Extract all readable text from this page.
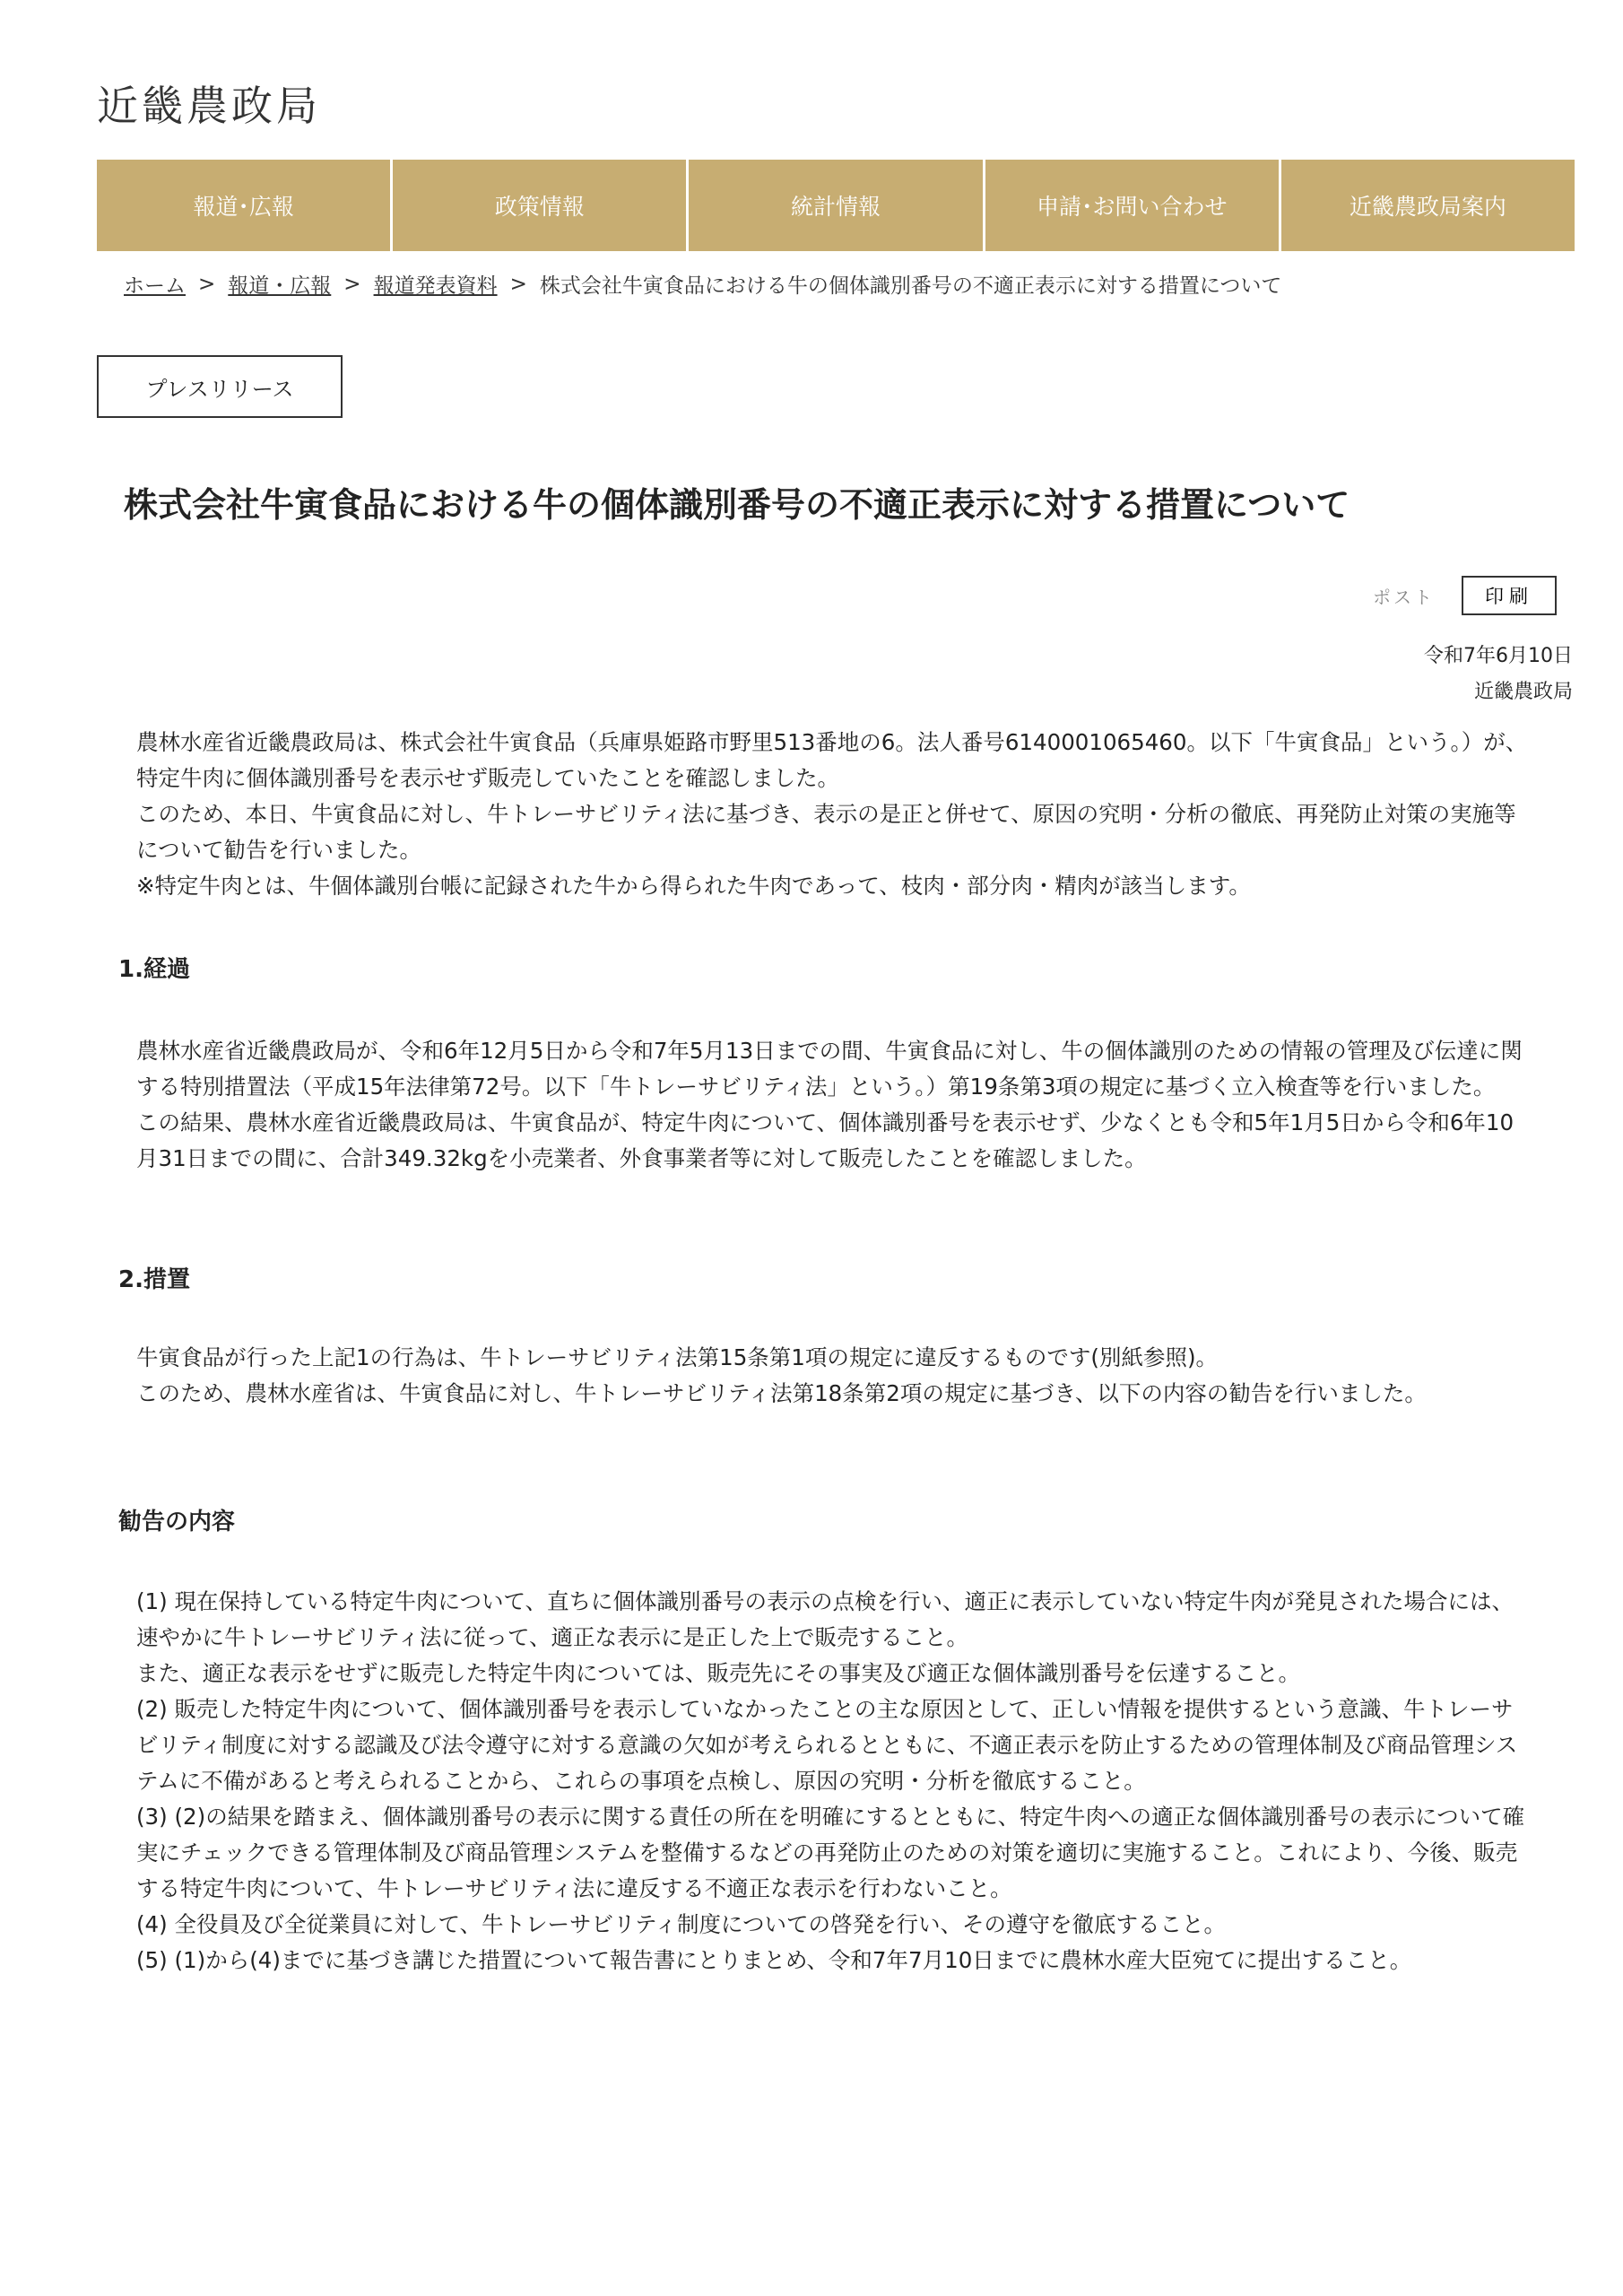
近畿農政局
報道･広報	政策情報	統計情報	申請･お問い合わせ	近畿農政局案内
ホーム > 報道・広報 > 報道発表資料 > 株式会社牛寅食品における牛の個体識別番号の不適正表示に対する措置について
プレスリリース
株式会社牛寅食品における牛の個体識別番号の不適正表示に対する措置について
ポスト	印刷
令和7年6月10日
近畿農政局

農林水産省近畿農政局は、株式会社牛寅食品（兵庫県姫路市野里513番地の6。法人番号6140001065460。以下「牛寅食品」という。）が、特定牛肉に個体識別番号を表示せず販売していたことを確認しました。

このため、本日、牛寅食品に対し、牛トレーサビリティ法に基づき、表示の是正と併せて、原因の究明・分析の徹底、再発防止対策の実施等について勧告を行いました。

※特定牛肉とは、牛個体識別台帳に記録された牛から得られた牛肉であって、枝肉・部分肉・精肉が該当します。

1.経過

農林水産省近畿農政局が、令和6年12月5日から令和7年5月13日までの間、牛寅食品に対し、牛の個体識別のための情報の管理及び伝達に関する特別措置法（平成15年法律第72号。以下「牛トレーサビリティ法」という。）第19条第3項の規定に基づく立入検査等を行いました。

この結果、農林水産省近畿農政局は、牛寅食品が、特定牛肉について、個体識別番号を表示せず、少なくとも令和5年1月5日から令和6年10月31日までの間に、合計349.32kgを小売業者、外食事業者等に対して販売したことを確認しました。

2.措置

牛寅食品が行った上記1の行為は、牛トレーサビリティ法第15条第1項の規定に違反するものです(別紙参照)。

このため、農林水産省は、牛寅食品に対し、牛トレーサビリティ法第18条第2項の規定に基づき、以下の内容の勧告を行いました。

勧告の内容

(1) 現在保持している特定牛肉について、直ちに個体識別番号の表示の点検を行い、適正に表示していない特定牛肉が発見された場合には、速やかに牛トレーサビリティ法に従って、適正な表示に是正した上で販売すること。

また、適正な表示をせずに販売した特定牛肉については、販売先にその事実及び適正な個体識別番号を伝達すること。

(2) 販売した特定牛肉について、個体識別番号を表示していなかったことの主な原因として、正しい情報を提供するという意識、牛トレーサビリティ制度に対する認識及び法令遵守に対する意識の欠如が考えられるとともに、不適正表示を防止するための管理体制及び商品管理システムに不備があると考えられることから、これらの事項を点検し、原因の究明・分析を徹底すること。

(3) (2)の結果を踏まえ、個体識別番号の表示に関する責任の所在を明確にするとともに、特定牛肉への適正な個体識別番号の表示について確実にチェックできる管理体制及び商品管理システムを整備するなどの再発防止のための対策を適切に実施すること。これにより、今後、販売する特定牛肉について、牛トレーサビリティ法に違反する不適正な表示を行わないこと。

(4) 全役員及び全従業員に対して、牛トレーサビリティ制度についての啓発を行い、その遵守を徹底すること。

(5) (1)から(4)までに基づき講じた措置について報告書にとりまとめ、令和7年7月10日までに農林水産大臣宛てに提出すること。
